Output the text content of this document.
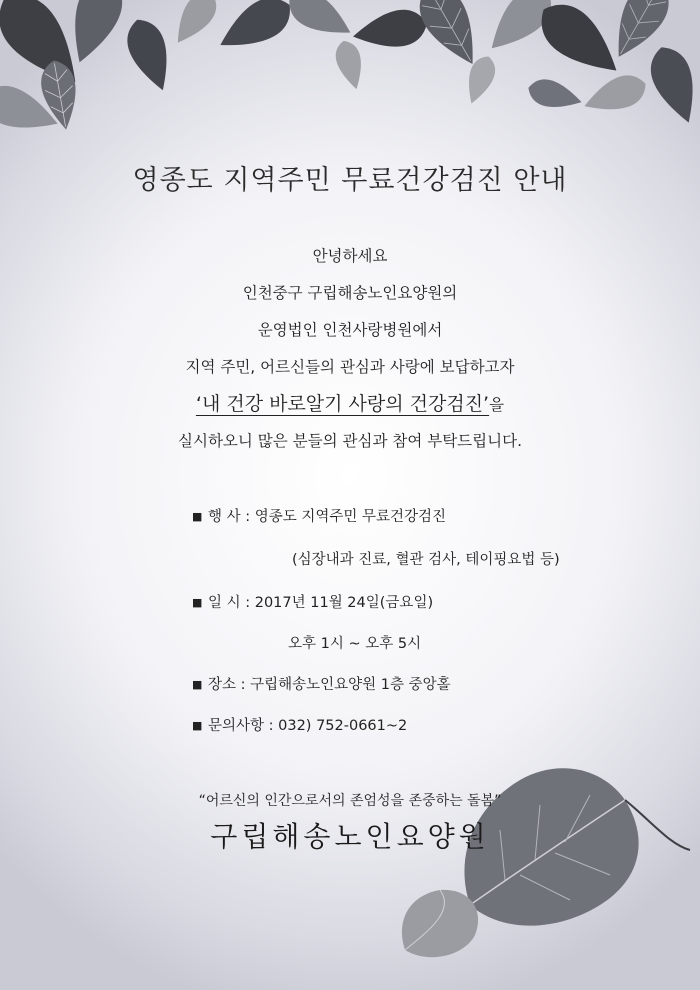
영종도 지역주민 무료건강검진 안내
안녕하세요
인천중구 구립해송노인요양원의
운영법인 인천사랑병원에서
지역 주민, 어르신들의 관심과 사랑에 보답하고자
‘내 건강 바로알기 사랑의 건강검진’을
실시하오니 많은 분들의 관심과 참여 부탁드립니다.
■ 행 사 : 영종도 지역주민 무료건강검진
(심장내과 진료, 혈관 검사, 테이핑요법 등)
■ 일 시 : 2017년 11월 24일(금요일)
오후 1시 ~ 오후 5시
■ 장소 : 구립해송노인요양원 1층 중앙홀
■ 문의사항 : 032) 752-0661~2
“어르신의 인간으로서의 존엄성을 존중하는 돌봄”
구립해송노인요양원
